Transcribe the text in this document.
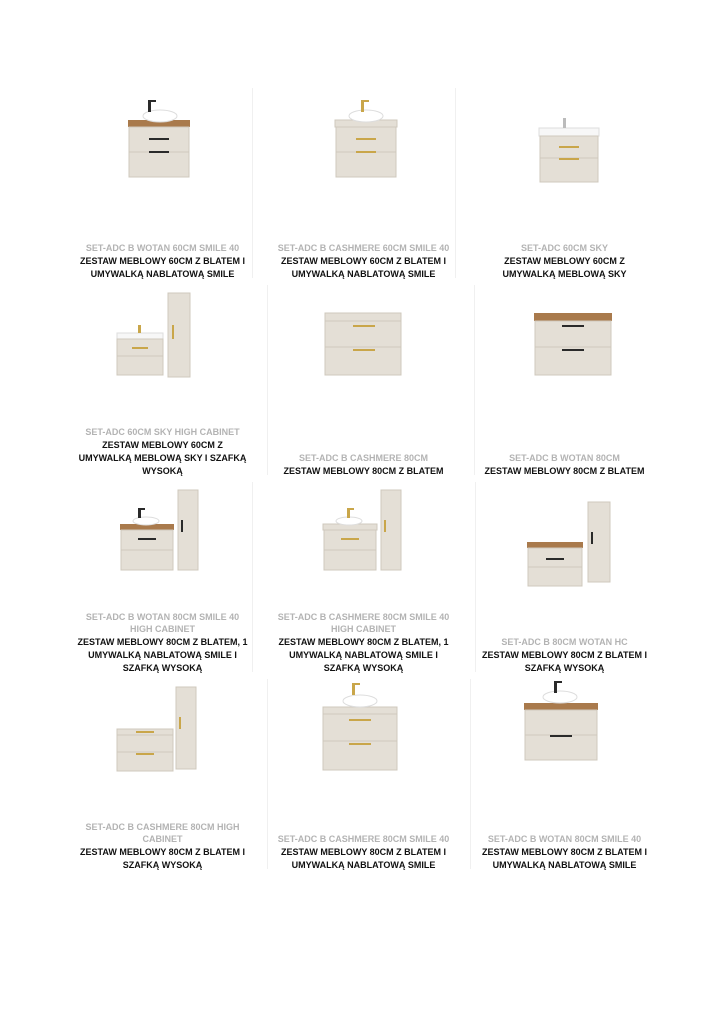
SET-ADC B WOTAN 60CM SMILE 40
ZESTAW MEBLOWY 60CM Z BLATEM I UMYWALKĄ NABLATOWĄ SMILE
SET-ADC B CASHMERE 60CM SMILE 40
ZESTAW MEBLOWY 60CM Z BLATEM I UMYWALKĄ NABLATOWĄ SMILE
SET-ADC 60CM SKY
ZESTAW MEBLOWY 60CM Z UMYWALKĄ MEBLOWĄ SKY
SET-ADC 60CM SKY HIGH CABINET
ZESTAW MEBLOWY 60CM Z UMYWALKĄ MEBLOWĄ SKY I SZAFKĄ WYSOKĄ
SET-ADC B CASHMERE 80CM
ZESTAW MEBLOWY 80CM Z BLATEM
SET-ADC B WOTAN 80CM
ZESTAW MEBLOWY 80CM Z BLATEM
SET-ADC B WOTAN 80CM SMILE 40 HIGH CABINET
ZESTAW MEBLOWY 80CM Z BLATEM, 1 UMYWALKĄ NABLATOWĄ SMILE I SZAFKĄ WYSOKĄ
SET-ADC B CASHMERE 80CM SMILE 40 HIGH CABINET
ZESTAW MEBLOWY 80CM Z BLATEM, 1 UMYWALKĄ NABLATOWĄ SMILE I SZAFKĄ WYSOKĄ
SET-ADC B 80CM WOTAN HC
ZESTAW MEBLOWY 80CM Z BLATEM I SZAFKĄ WYSOKĄ
SET-ADC B CASHMERE 80CM HIGH CABINET
ZESTAW MEBLOWY 80CM Z BLATEM I SZAFKĄ WYSOKĄ
SET-ADC B CASHMERE 80CM SMILE 40
ZESTAW MEBLOWY 80CM Z BLATEM I UMYWALKĄ NABLATOWĄ SMILE
SET-ADC B WOTAN 80CM SMILE 40
ZESTAW MEBLOWY 80CM Z BLATEM I UMYWALKĄ NABLATOWĄ SMILE
